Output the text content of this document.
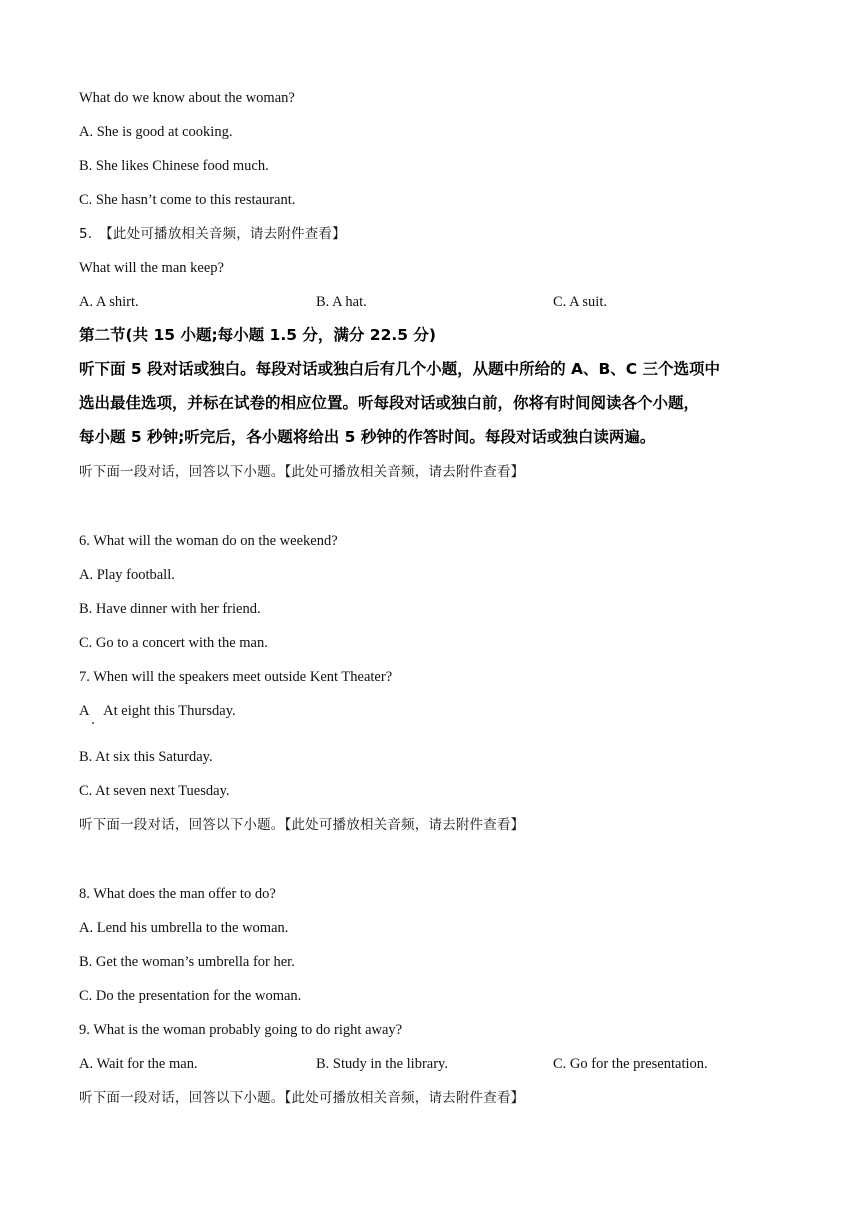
What do we know about the woman?
A. She is good at cooking.
B. She likes Chinese food much.
C. She hasn’t come to this restaurant.
5.　【此处可播放相关音频，请去附件查看】
What will the man keep?
A. A shirt.	B. A hat.	C. A suit.
第二节(共 15 小题;每小题 1.5 分，满分 22.5 分)
听下面 5 段对话或独白。每段对话或独白后有几个小题，从题中所给的 A、B、C 三个选项中
选出最佳选项，并标在试卷的相应位置。听每段对话或独白前，你将有时间阅读各个小题，
每小题 5 秒钟;听完后，各小题将给出 5 秒钟的作答时间。每段对话或独白读两遍。
听下面一段对话，回答以下小题。【此处可播放相关音频，请去附件查看】
6. What will the woman do on the weekend?
A. Play football.
B. Have dinner with her friend.
C. Go to a concert with the man.
7. When will the speakers meet outside Kent Theater?
A　At eight this Thursday.
B. At six this Saturday.
C. At seven next Tuesday.
听下面一段对话，回答以下小题。【此处可播放相关音频，请去附件查看】
8. What does the man offer to do?
A. Lend his umbrella to the woman.
B. Get the woman’s umbrella for her.
C. Do the presentation for the woman.
9. What is the woman probably going to do right away?
A. Wait for the man.	B. Study in the library.	C. Go for the presentation.
听下面一段对话，回答以下小题。【此处可播放相关音频，请去附件查看】
